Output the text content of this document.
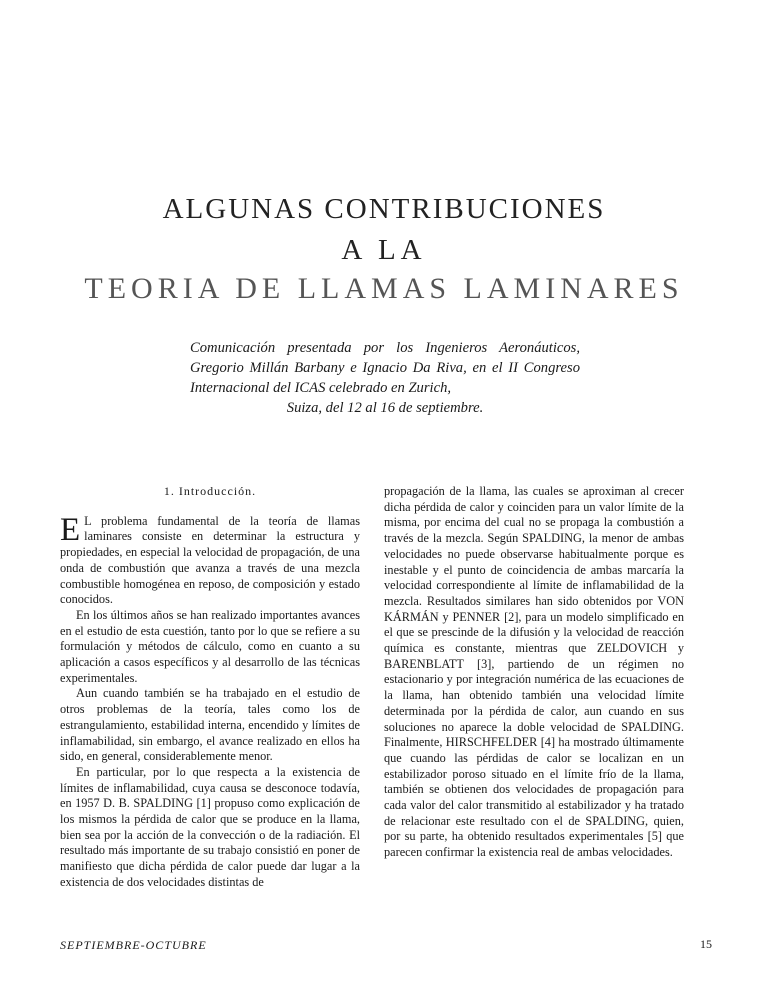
ALGUNAS CONTRIBUCIONES
A LA
TEORIA DE LLAMAS LAMINARES

Comunicación presentada por los Ingenieros Aeronáuticos, Gregorio Millán Barbany e Ignacio Da Riva, en el II Congreso Internacional del ICAS celebrado en Zurich,
Suiza, del 12 al 16 de septiembre.

1. Introducción.

E L problema fundamental de la teoría de llamas laminares consiste en determinar la estructura y propiedades, en especial la velocidad de propagación, de una onda de combustión que avanza a través de una mezcla combustible homogénea en reposo, de composición y estado conocidos.

En los últimos años se han realizado importantes avances en el estudio de esta cuestión, tanto por lo que se refiere a su formulación y métodos de cálculo, como en cuanto a su aplicación a casos específicos y al desarrollo de las técnicas experimentales.

Aun cuando también se ha trabajado en el estudio de otros problemas de la teoría, tales como los de estrangulamiento, estabilidad interna, encendido y límites de inflamabilidad, sin embargo, el avance realizado en ellos ha sido, en general, considerablemente menor.

En particular, por lo que respecta a la existencia de límites de inflamabilidad, cuya causa se desconoce todavía, en 1957 D. B. SPALDING [1] propuso como explicación de los mismos la pérdida de calor que se produce en la llama, bien sea por la acción de la convección o de la radiación. El resultado más importante de su trabajo consistió en poner de manifiesto que dicha pérdida de calor puede dar lugar a la existencia de dos velocidades distintas de

propagación de la llama, las cuales se aproximan al crecer dicha pérdida de calor y coinciden para un valor límite de la misma, por encima del cual no se propaga la combustión a través de la mezcla. Según SPALDING, la menor de ambas velocidades no puede observarse habitualmente porque es inestable y el punto de coincidencia de ambas marcaría la velocidad correspondiente al límite de inflamabilidad de la mezcla. Resultados similares han sido obtenidos por VON KÁRMÁN y PENNER [2], para un modelo simplificado en el que se prescinde de la difusión y la velocidad de reacción química es constante, mientras que ZELDOVICH y BARENBLATT [3], partiendo de un régimen no estacionario y por integración numérica de las ecuaciones de la llama, han obtenido también una velocidad límite determinada por la pérdida de calor, aun cuando en sus soluciones no aparece la doble velocidad de SPALDING. Finalmente, HIRSCHFELDER [4] ha mostrado últimamente que cuando las pérdidas de calor se localizan en un estabilizador poroso situado en el límite frío de la llama, también se obtienen dos velocidades de propagación para cada valor del calor transmitido al estabilizador y ha tratado de relacionar este resultado con el de SPALDING, quien, por su parte, ha obtenido resultados experimentales [5] que parecen confirmar la existencia real de ambas velocidades.

SEPTIEMBRE-OCTUBRE	15
